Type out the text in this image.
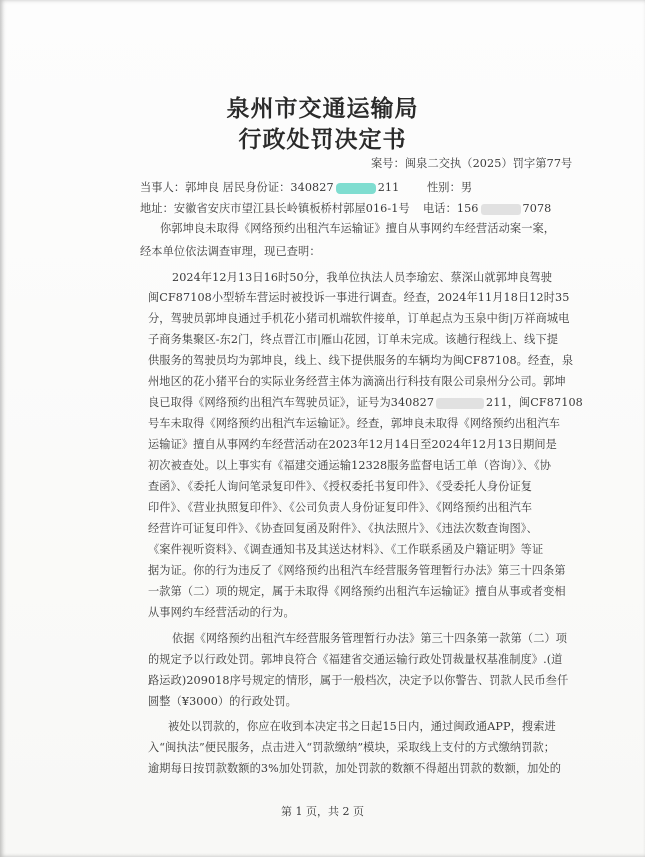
泉州市交通运输局
行政处罚决定书
案号：闽泉二交执（2025）罚字第77号
当事人：郭坤良 居民身份证：340827	211 性别：男
地址：安徽省安庆市望江县长岭镇板桥村郭屋016-1号 电话：156	7078
你郭坤良未取得《网络预约出租汽车运输证》擅自从事网约车经营活动案一案，
经本单位依法调查审理，现已查明：
2024年12月13日16时50分，我单位执法人员李瑜宏、蔡深山就郭坤良驾驶
闽CF87108小型轿车营运时被投诉一事进行调查。经查，2024年11月18日12时35
分，驾驶员郭坤良通过手机花小猪司机端软件接单，订单起点为玉泉中街|万祥商城电
子商务集聚区-东2门，终点晋江市|雁山花园，订单未完成。该趟行程线上、线下提
供服务的驾驶员均为郭坤良，线上、线下提供服务的车辆均为闽CF87108。经查，泉
州地区的花小猪平台的实际业务经营主体为滴滴出行科技有限公司泉州分公司。郭坤
良已取得《网络预约出租汽车驾驶员证》，证号为340827	211，闽CF87108
号车未取得《网络预约出租汽车运输证》。经查，郭坤良未取得《网络预约出租汽车
运输证》擅自从事网约车经营活动在2023年12月14日至2024年12月13日期间是
初次被查处。以上事实有《福建交通运输12328服务监督电话工单（咨询）》、《协
查函》、《委托人询问笔录复印件》、《授权委托书复印件》、《受委托人身份证复
印件》、《营业执照复印件》、《公司负责人身份证复印件》、《网络预约出租汽车
经营许可证复印件》、《协查回复函及附件》、《执法照片》、《违法次数查询图》、
《案件视听资料》、《调查通知书及其送达材料》、《工作联系函及户籍证明》等证
据为证。你的行为违反了《网络预约出租汽车经营服务管理暂行办法》第三十四条第
一款第（二）项的规定，属于未取得《网络预约出租汽车运输证》擅自从事或者变相
从事网约车经营活动的行为。
依据《网络预约出租汽车经营服务管理暂行办法》第三十四条第一款第（二）项
的规定予以行政处罚。郭坤良符合《福建省交通运输行政处罚裁量权基准制度》.(道
路运政)209018序号规定的情形，属于一般档次，决定予以你警告、罚款人民币叁仟
圆整（¥3000）的行政处罚。
被处以罚款的，你应在收到本决定书之日起15日内，通过闽政通APP，搜索进
入“闽执法”便民服务，点击进入“罚款缴纳”模块，采取线上支付的方式缴纳罚款；
逾期每日按罚款数额的3%加处罚款，加处罚款的数额不得超出罚款的数额，加处的
第 1 页，共 2 页
